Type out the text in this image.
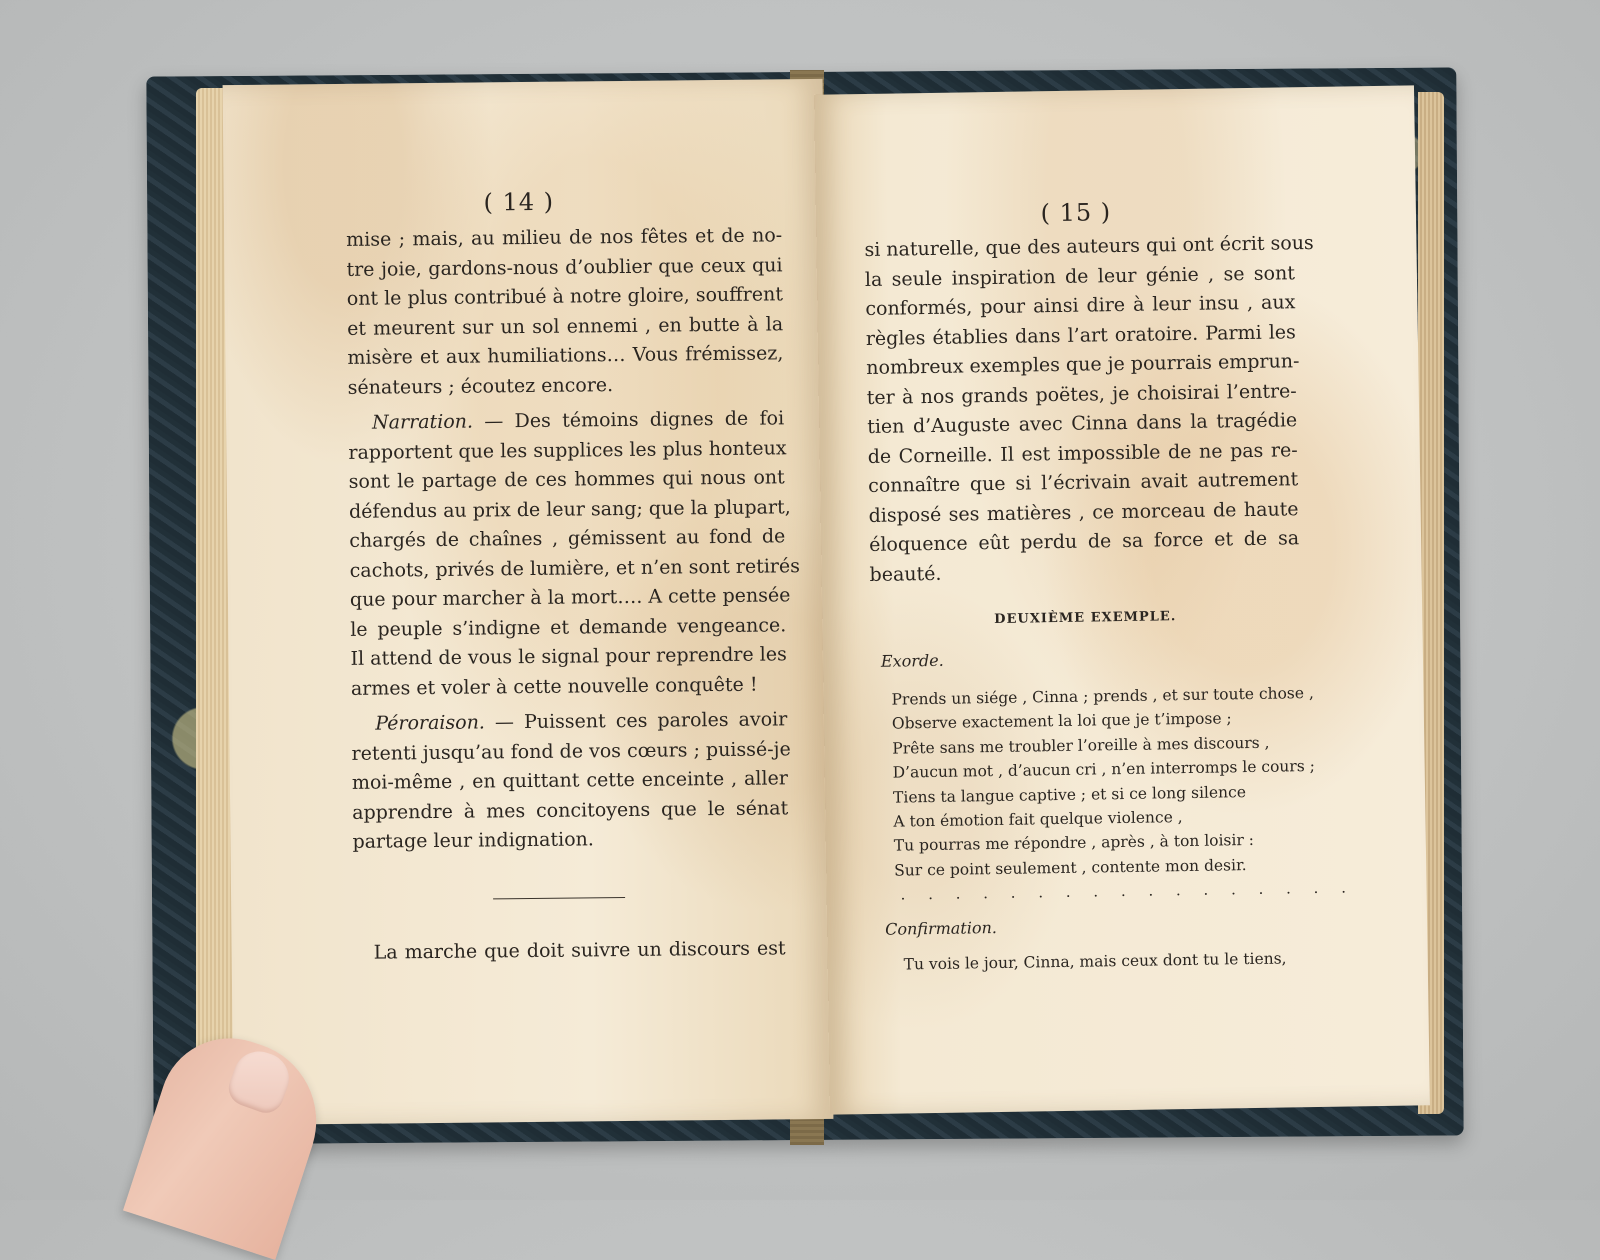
( 14 )
mise ; mais, au milieu de nos fêtes et de no-
tre joie, gardons-nous d’oublier que ceux qui
ont le plus contribué à notre gloire, souffrent
et meurent sur un sol ennemi , en butte à la
misère et aux humiliations… Vous frémissez,
sénateurs ; écoutez encore.
Narration. — Des témoins dignes de foi
rapportent que les supplices les plus honteux
sont le partage de ces hommes qui nous ont
défendus au prix de leur sang; que la plupart,
chargés de chaînes , gémissent au fond de
cachots, privés de lumière, et n’en sont retirés
que pour marcher à la mort…. A cette pensée
le peuple s’indigne et demande vengeance.
Il attend de vous le signal pour reprendre les
armes et voler à cette nouvelle conquête !
Péroraison. — Puissent ces paroles avoir
retenti jusqu’au fond de vos cœurs ; puissé-je
moi-même , en quittant cette enceinte , aller
apprendre à mes concitoyens que le sénat
partage leur indignation.
La marche que doit suivre un discours est
( 15 )
si naturelle, que des auteurs qui ont écrit sous
la seule inspiration de leur génie , se sont
conformés, pour ainsi dire à leur insu , aux
règles établies dans l’art oratoire. Parmi les
nombreux exemples que je pourrais emprun-
ter à nos grands poëtes, je choisirai l’entre-
tien d’Auguste avec Cinna dans la tragédie
de Corneille. Il est impossible de ne pas re-
connaître que si l’écrivain avait autrement
disposé ses matières , ce morceau de haute
éloquence eût perdu de sa force et de sa
beauté.
DEUXIÈME EXEMPLE.
Exorde.
Prends un siége , Cinna ; prends , et sur toute chose ,
Observe exactement la loi que je t’impose ;
Prête sans me troubler l’oreille à mes discours ,
D’aucun mot , d’aucun cri , n’en interromps le cours ;
Tiens ta langue captive ; et si ce long silence
A ton émotion fait quelque violence ,
Tu pourras me répondre , après , à ton loisir :
Sur ce point seulement , contente mon desir.
. . . . . . . . . . . . . . . . .
Confirmation.
Tu vois le jour, Cinna, mais ceux dont tu le tiens,
